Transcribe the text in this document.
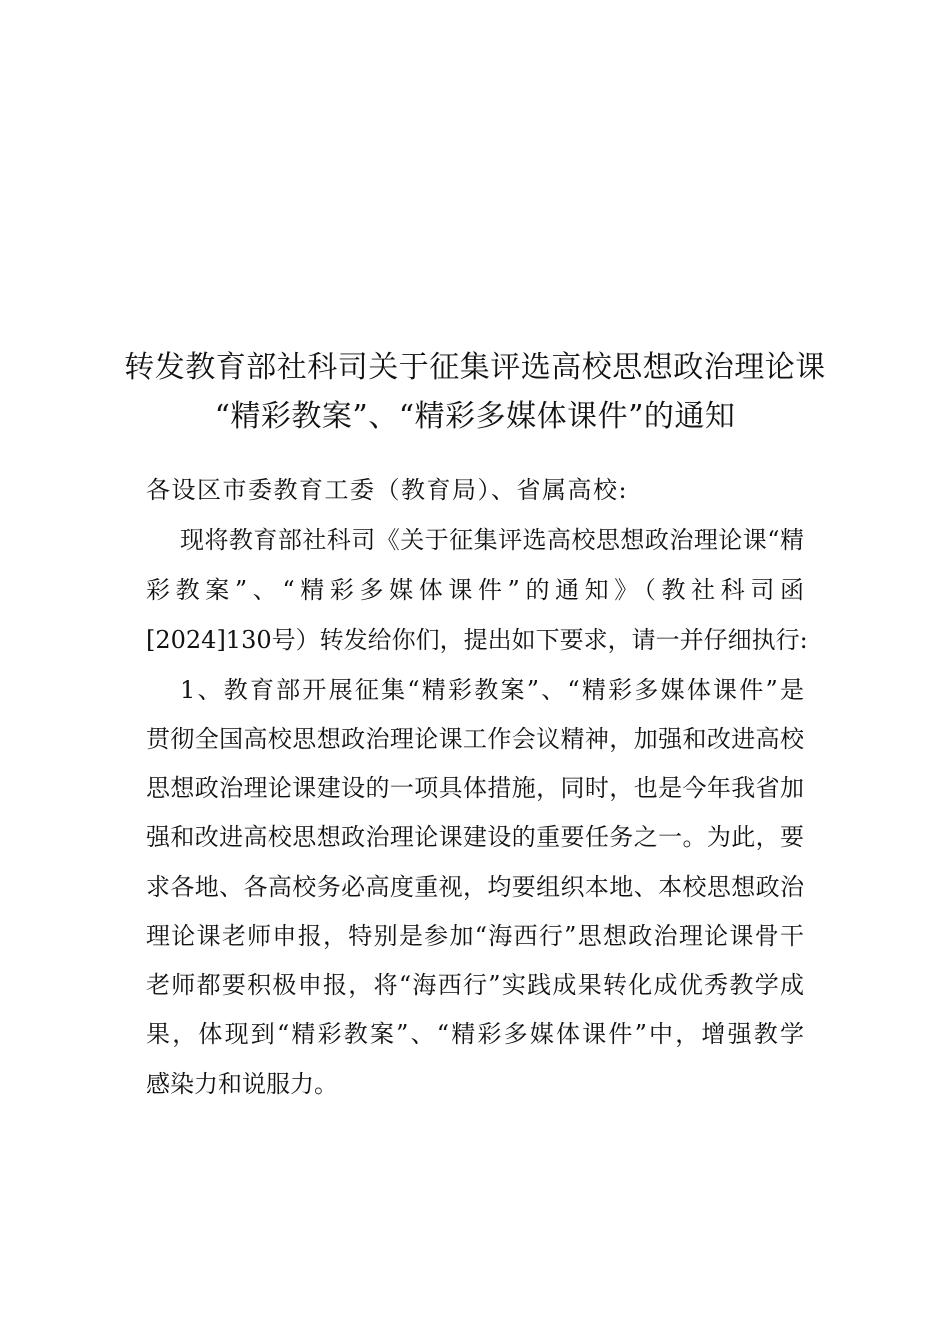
转发教育部社科司关于征集评选高校思想政治理论课
“精彩教案”、“精彩多媒体课件”的通知
各设区市委教育工委（教育局）、省属高校:
现将教育部社科司《关于征集评选高校思想政治理论课“精
彩教案”、“精彩多媒体课件”的通知》（教社科司函
[2024]130号）转发给你们，提出如下要求，请一并仔细执行:
1、教育部开展征集“精彩教案”、“精彩多媒体课件”是
贯彻全国高校思想政治理论课工作会议精神，加强和改进高校
思想政治理论课建设的一项具体措施，同时，也是今年我省加
强和改进高校思想政治理论课建设的重要任务之一。为此，要
求各地、各高校务必高度重视，均要组织本地、本校思想政治
理论课老师申报，特别是参加“海西行”思想政治理论课骨干
老师都要积极申报，将“海西行”实践成果转化成优秀教学成
果，体现到“精彩教案”、“精彩多媒体课件”中，增强教学
感染力和说服力。
